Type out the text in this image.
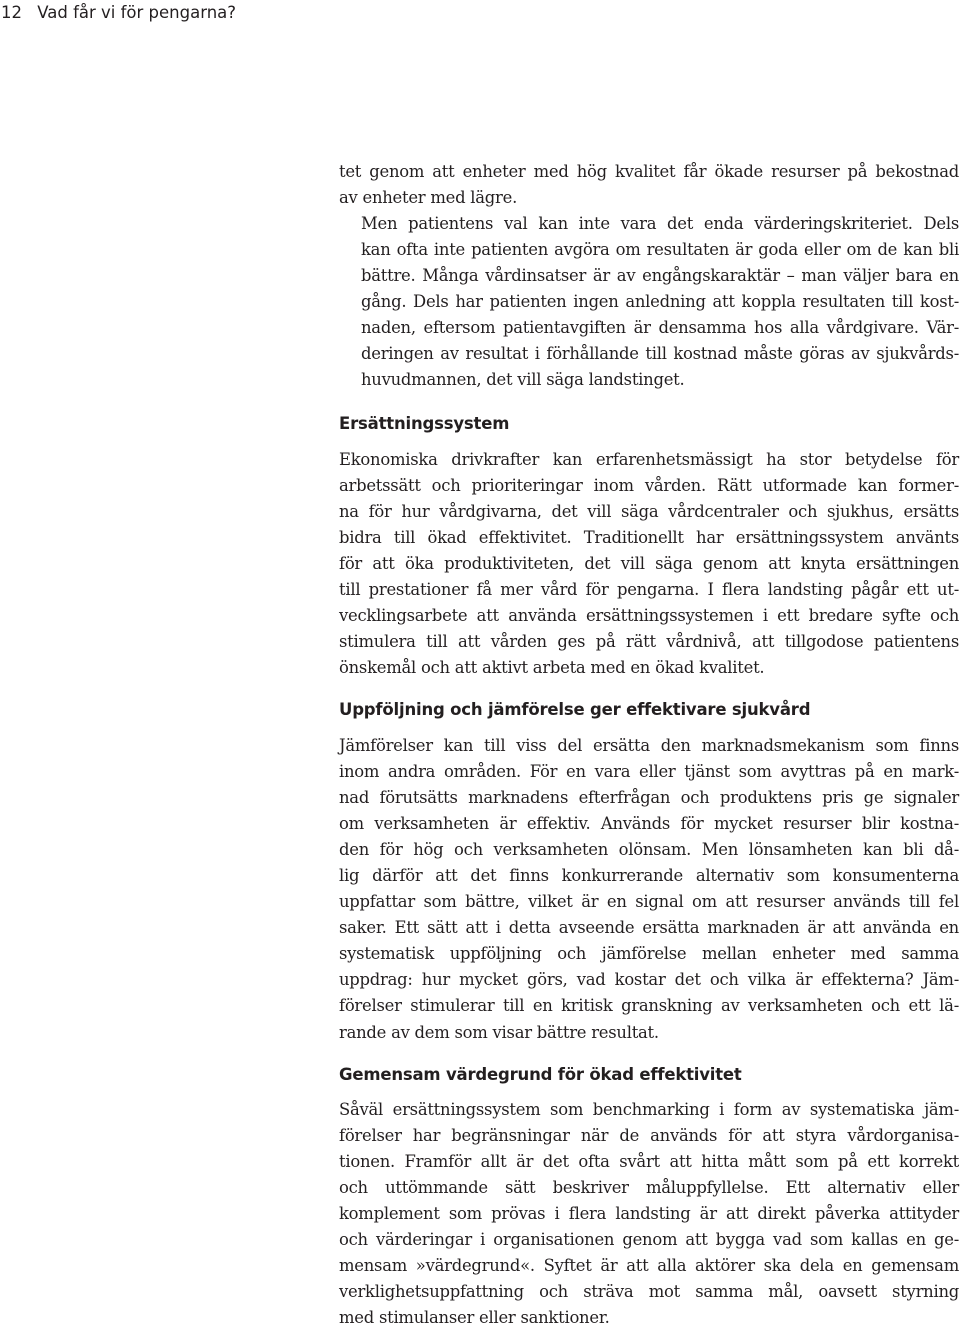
12 Vad får vi för pengarna?

tet genom att enheter med hög kvalitet får ökade resurser på bekostnad
av enheter med lägre.

Men patientens val kan inte vara det enda värderingskriteriet. Dels
kan ofta inte patienten avgöra om resultaten är goda eller om de kan bli
bättre. Många vårdinsatser är av engångskaraktär – man väljer bara en
gång. Dels har patienten ingen anledning att koppla resultaten till kost-
naden, eftersom patientavgiften är densamma hos alla vårdgivare. Vär-
deringen av resultat i förhållande till kostnad måste göras av sjukvårds-
huvudmannen, det vill säga landstinget.

Ersättningssystem
Ekonomiska drivkrafter kan erfarenhetsmässigt ha stor betydelse för
arbetssätt och prioriteringar inom vården. Rätt utformade kan former-
na för hur vårdgivarna, det vill säga vårdcentraler och sjukhus, ersätts
bidra till ökad effektivitet. Traditionellt har ersättningssystem använts
för att öka produktiviteten, det vill säga genom att knyta ersättningen
till prestationer få mer vård för pengarna. I flera landsting pågår ett ut-
vecklingsarbete att använda ersättningssystemen i ett bredare syfte och
stimulera till att vården ges på rätt vårdnivå, att tillgodose patientens
önskemål och att aktivt arbeta med en ökad kvalitet.
Uppföljning och jämförelse ger effektivare sjukvård
Jämförelser kan till viss del ersätta den marknadsmekanism som finns
inom andra områden. För en vara eller tjänst som avyttras på en mark-
nad förutsätts marknadens efterfrågan och produktens pris ge signaler
om verksamheten är effektiv. Används för mycket resurser blir kostna-
den för hög och verksamheten olönsam. Men lönsamheten kan bli då-
lig därför att det finns konkurrerande alternativ som konsumenterna
uppfattar som bättre, vilket är en signal om att resurser används till fel
saker. Ett sätt att i detta avseende ersätta marknaden är att använda en
systematisk uppföljning och jämförelse mellan enheter med samma
uppdrag: hur mycket görs, vad kostar det och vilka är effekterna? Jäm-
förelser stimulerar till en kritisk granskning av verksamheten och ett lä-
rande av dem som visar bättre resultat.
Gemensam värdegrund för ökad effektivitet
Såväl ersättningssystem som benchmarking i form av systematiska jäm-
förelser har begränsningar när de används för att styra vårdorganisa-
tionen. Framför allt är det ofta svårt att hitta mått som på ett korrekt
och uttömmande sätt beskriver måluppfyllelse. Ett alternativ eller
komplement som prövas i flera landsting är att direkt påverka attityder
och värderingar i organisationen genom att bygga vad som kallas en ge-
mensam »värdegrund«. Syftet är att alla aktörer ska dela en gemensam
verklighetsuppfattning och sträva mot samma mål, oavsett styrning
med stimulanser eller sanktioner.
